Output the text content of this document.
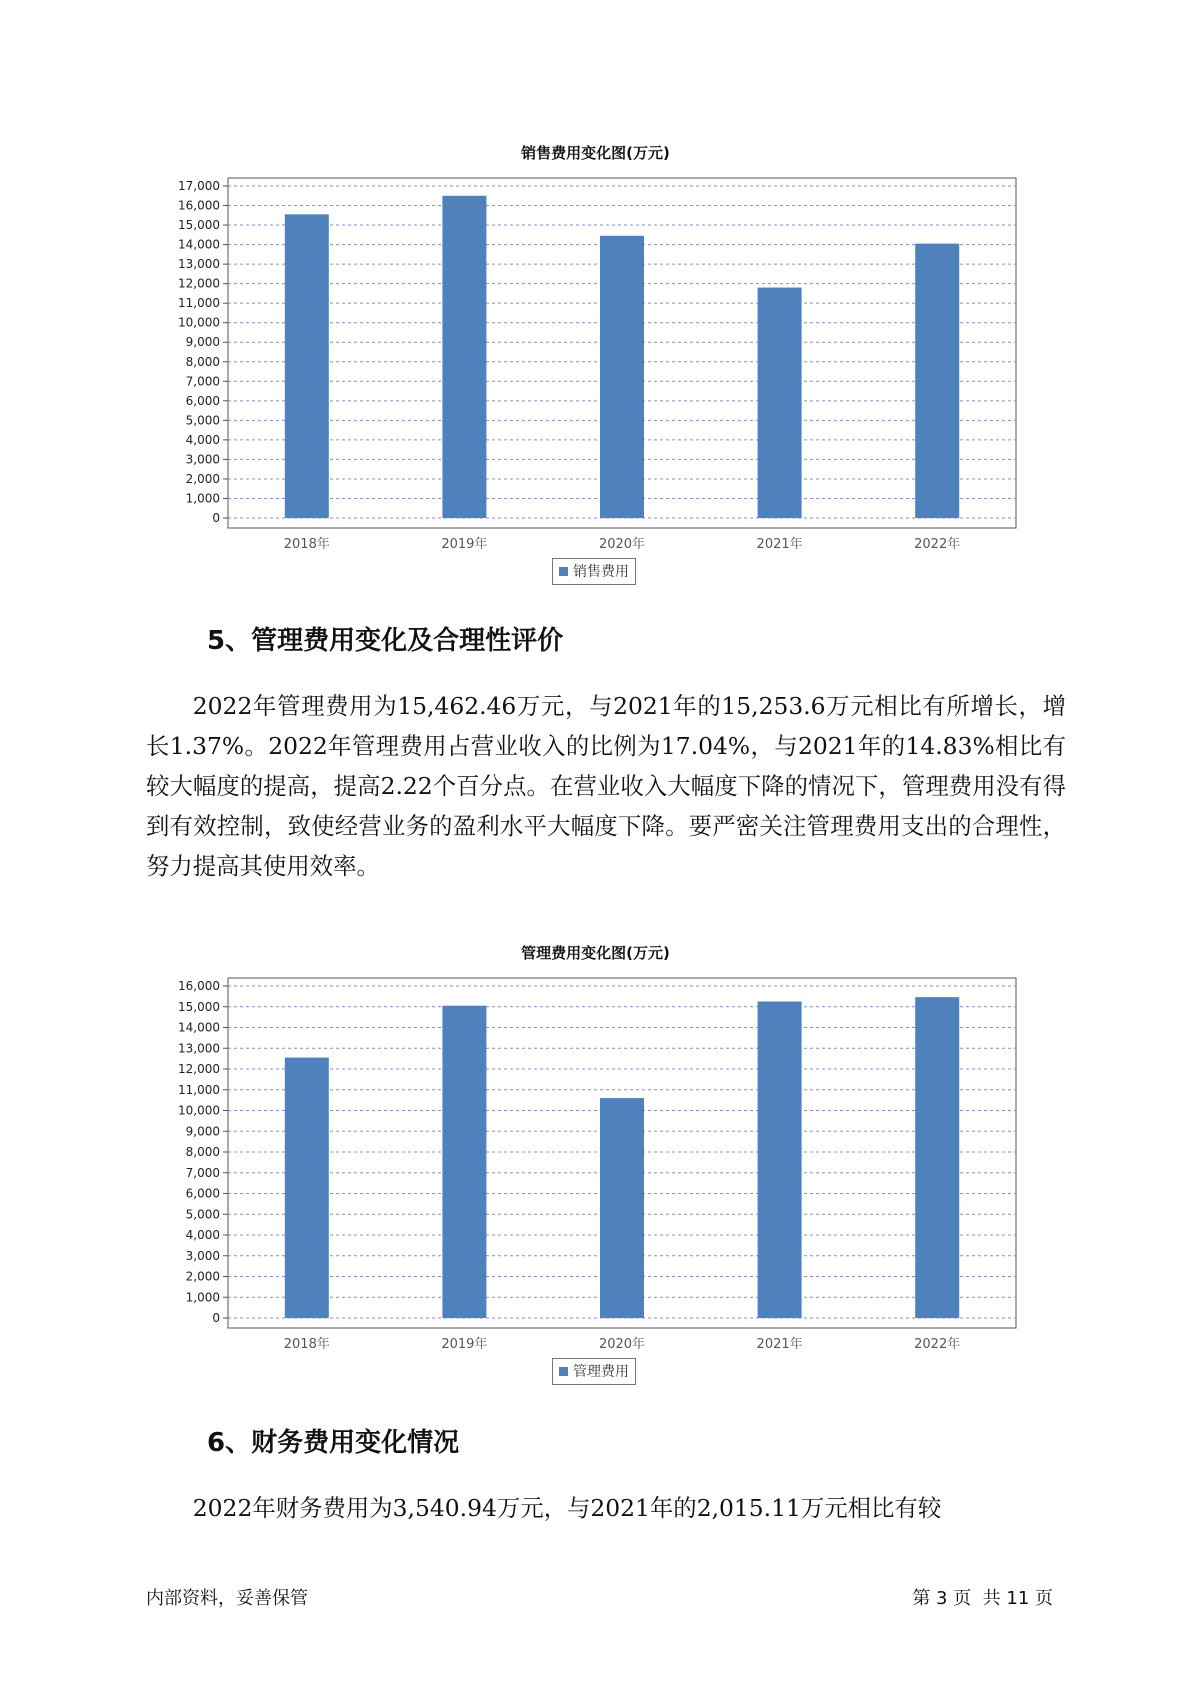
销售费用变化图(万元)
0
1,000
2,000
3,000
4,000
5,000
6,000
7,000
8,000
9,000
10,000
11,000
12,000
13,000
14,000
15,000
16,000
17,000
2018年	2019年	2020年	2021年	2022年
销售费用
5、管理费用变化及合理性评价

2022年管理费用为15,462.46万元，与2021年的15,253.6万元相比有所增长，增长1.37%。2022年管理费用占营业收入的比例为17.04%，与2021年的14.83%相比有较大幅度的提高，提高2.22个百分点。在营业收入大幅度下降的情况下，管理费用没有得到有效控制，致使经营业务的盈利水平大幅度下降。要严密关注管理费用支出的合理性，努力提高其使用效率。

管理费用变化图(万元)
0
1,000
2,000
3,000
4,000
5,000
6,000
7,000
8,000
9,000
10,000
11,000
12,000
13,000
14,000
15,000
16,000
2018年	2019年	2020年	2021年	2022年
管理费用
6、财务费用变化情况

2022年财务费用为3,540.94万元，与2021年的2,015.11万元相比有较

内部资料，妥善保管	第 3 页  共 11 页
